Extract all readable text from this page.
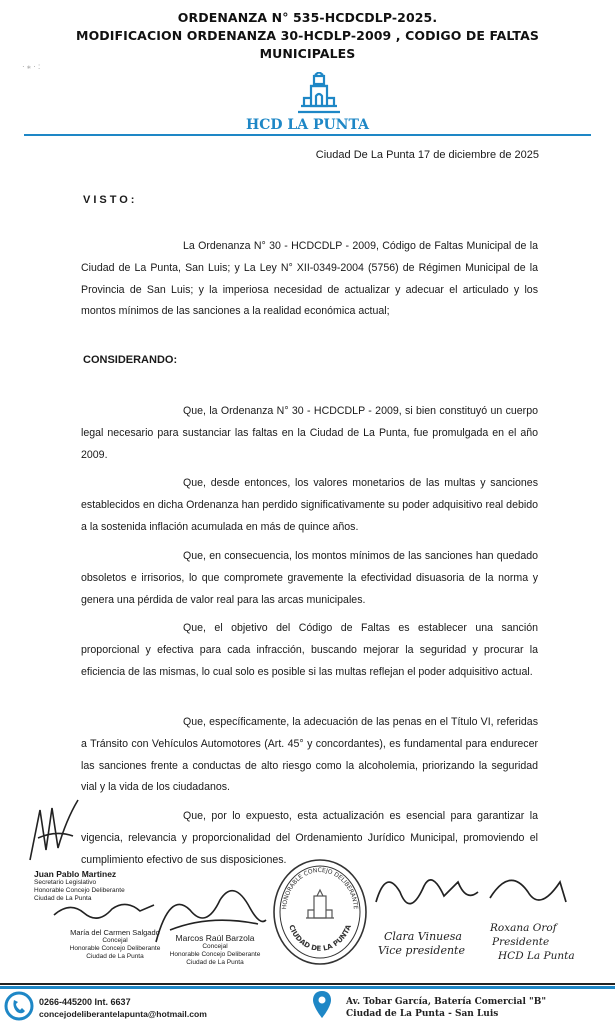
· ⁎ · :
ORDENANZA N° 535-HCDCDLP-2025.
MODIFICACION ORDENANZA 30-HCDLP-2009 , CODIGO DE FALTAS
MUNICIPALES
HCD LA PUNTA
Ciudad De La Punta 17 de diciembre de 2025
VISTO:

La Ordenanza N° 30 - HCDCDLP - 2009, Código de Faltas Municipal de la Ciudad de La Punta, San Luis; y La Ley N° XII-0349-2004 (5756) de Régimen Municipal de la Provincia de San Luis; y la imperiosa necesidad de actualizar y adecuar el articulado y los montos mínimos de las sanciones a la realidad económica actual;

CONSIDERANDO:

Que, la Ordenanza N° 30 - HCDCDLP - 2009, si bien constituyó un cuerpo legal necesario para sustanciar las faltas en la Ciudad de La Punta, fue promulgada en el año 2009.

Que, desde entonces, los valores monetarios de las multas y sanciones establecidos en dicha Ordenanza han perdido significativamente su poder adquisitivo real debido a la sostenida inflación acumulada en más de quince años.

Que, en consecuencia, los montos mínimos de las sanciones han quedado obsoletos e irrisorios, lo que compromete gravemente la efectividad disuasoria de la norma y genera una pérdida de valor real para las arcas municipales.

Que, el objetivo del Código de Faltas es establecer una sanción proporcional y efectiva para cada infracción, buscando mejorar la seguridad y procurar la eficiencia de las mismas, lo cual solo es posible si las multas reflejan el poder adquisitivo actual.

Que, específicamente, la adecuación de las penas en el Título VI, referidas a Tránsito con Vehículos Automotores (Art. 45° y concordantes), es fundamental para endurecer las sanciones frente a conductas de alto riesgo como la alcoholemia, priorizando la seguridad vial y la vida de los ciudadanos.

Que, por lo expuesto, esta actualización es esencial para garantizar la vigencia, relevancia y proporcionalidad del Ordenamiento Jurídico Municipal, promoviendo el cumplimiento efectivo de sus disposiciones.

Juan Pablo Martinez
Secretario Legislativo
Honorable Concejo Deliberante
Ciudad de La Punta
María del Carmen Salgado
Concejal
Honorable Concejo Deliberante
Ciudad de La Punta
Marcos Raúl Barzola
Concejal
Honorable Concejo Deliberante
Ciudad de La Punta
HONORABLE CONCEJO DELIBERANTE
CIUDAD DE LA PUNTA
Clara Vinuesa
Vice presidente
Roxana Orof
Presidente
HCD La Punta
0266-445200 Int. 6637
concejodeliberantelapunta@hotmail.com
Av. Tobar García, Batería Comercial "B"
Ciudad de La Punta - San Luis
